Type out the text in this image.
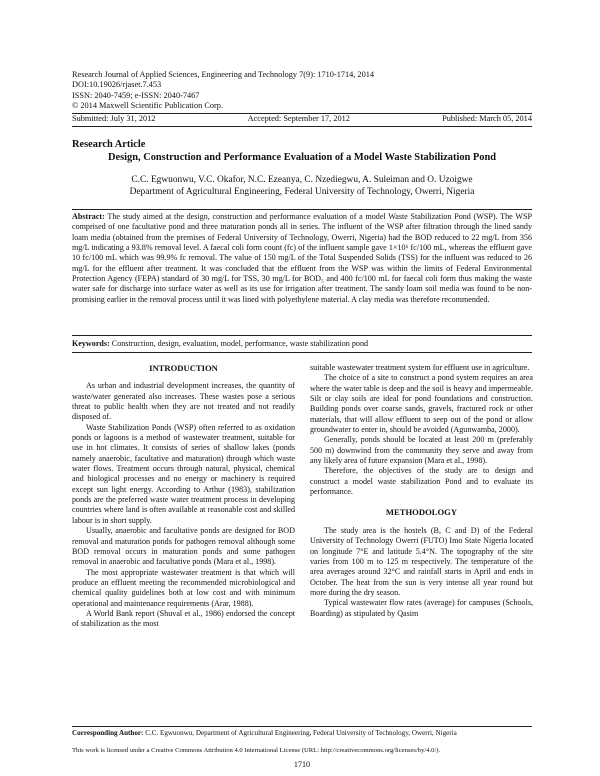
Research Journal of Applied Sciences, Engineering and Technology 7(9): 1710-1714, 2014
DOI:10.19026/rjaset.7.453
ISSN: 2040-7459; e-ISSN: 2040-7467
© 2014 Maxwell Scientific Publication Corp.
Submitted: July 31, 2012	Accepted: September 17, 2012	Published: March 05, 2014
Research Article
Design, Construction and Performance Evaluation of a Model Waste Stabilization Pond
C.C. Egwuonwu, V.C. Okafor, N.C. Ezeanya, C. Nzediegwu, A. Suleiman and O. Uzoigwe
Department of Agricultural Engineering, Federal University of Technology, Owerri, Nigeria
Abstract: The study aimed at the design, construction and performance evaluation of a model Waste Stabilization Pond (WSP). The WSP comprised of one facultative pond and three maturation ponds all in series. The influent of the WSP after filtration through the lined sandy loam media (obtained from the premises of Federal University of Technology, Owerri, Nigeria) had the BOD reduced to 22 mg/L from 356 mg/L indicating a 93.8% removal level. A faecal coli form count (fc) of the influent sample gave 1×10⁶ fc/100 mL, whereas the effluent gave 10 fc/100 mL which was 99.9% fc removal. The value of 150 mg/L of the Total Suspended Solids (TSS) for the influent was reduced to 26 mg/L for the effluent after treatment. It was concluded that the effluent from the WSP was within the limits of Federal Environmental Protection Agency (FEPA) standard of 30 mg/L for TSS, 30 mg/L for BOD₅ and 400 fc/100 mL for faecal coli form thus making the waste water safe for discharge into surface water as well as its use for irrigation after treatment. The sandy loam soil media was found to be non-promising earlier in the removal process until it was lined with polyethylene material. A clay media was therefore recommended.
Keywords: Construction, design, evaluation, model, performance, waste stabilization pond
INTRODUCTION

As urban and industrial development increases, the quantity of waste/water generated also increases. These wastes pose a serious threat to public health when they are not treated and not readily disposed of.

Waste Stabilization Ponds (WSP) often referred to as oxidation ponds or lagoons is a method of wastewater treatment, suitable for use in hot climates. It consists of series of shallow lakes (ponds namely anaerobic, facultative and maturation) through which waste water flows. Treatment occurs through natural, physical, chemical and biological processes and no energy or machinery is required except sun light energy. According to Arthur (1983), stabilization ponds are the preferred waste water treatment process in developing countries where land is often available at reasonable cost and skilled labour is in short supply.

Usually, anaerobic and facultative ponds are designed for BOD removal and maturation ponds for pathogen removal although some BOD removal occurs in maturation ponds and some pathogen removal in anaerobic and facultative ponds (Mara et al., 1998).

The most appropriate wastewater treatment is that which will produce an effluent meeting the recommended microbiological and chemical quality guidelines both at low cost and with minimum operational and maintenance requirements (Arar, 1988).

A World Bank report (Shuval et al., 1986) endorsed the concept of stabilization as the most

suitable wastewater treatment system for effluent use in agriculture.

The choice of a site to construct a pond system requires an area where the water table is deep and the soil is heavy and impermeable. Silt or clay soils are ideal for pond foundations and construction. Building ponds over coarse sands, gravels, fractured rock or other materials, that will allow effluent to seep out of the pond or allow groundwater to enter in, should be avoided (Agunwamba, 2000).

Generally, ponds should be located at least 200 m (preferably 500 m) downwind from the community they serve and away from any likely area of future expansion (Mara et al., 1998).

Therefore, the objectives of the study are to design and construct a model waste stabilization Pond and to evaluate its performance.

METHODOLOGY

The study area is the hostels (B, C and D) of the Federal University of Technology Owerri (FUTO) Imo State Nigeria located on longitude 7°E and latitude 5.4°N. The topography of the site varies from 100 m to 125 m respectively. The temperature of the area averages around 32°C and rainfall starts in April and ends in October. The heat from the sun is very intense all year round but more during the dry season.

Typical wastewater flow rates (average) for campuses (Schools, Boarding) as stipulated by Qasim

Corresponding Author: C.C. Egwuonwu, Department of Agricultural Engineering, Federal University of Technology, Owerri, Nigeria
This work is licensed under a Creative Commons Attribution 4.0 International License (URL: http://creativecommons.org/licenses/by/4.0/).
1710
